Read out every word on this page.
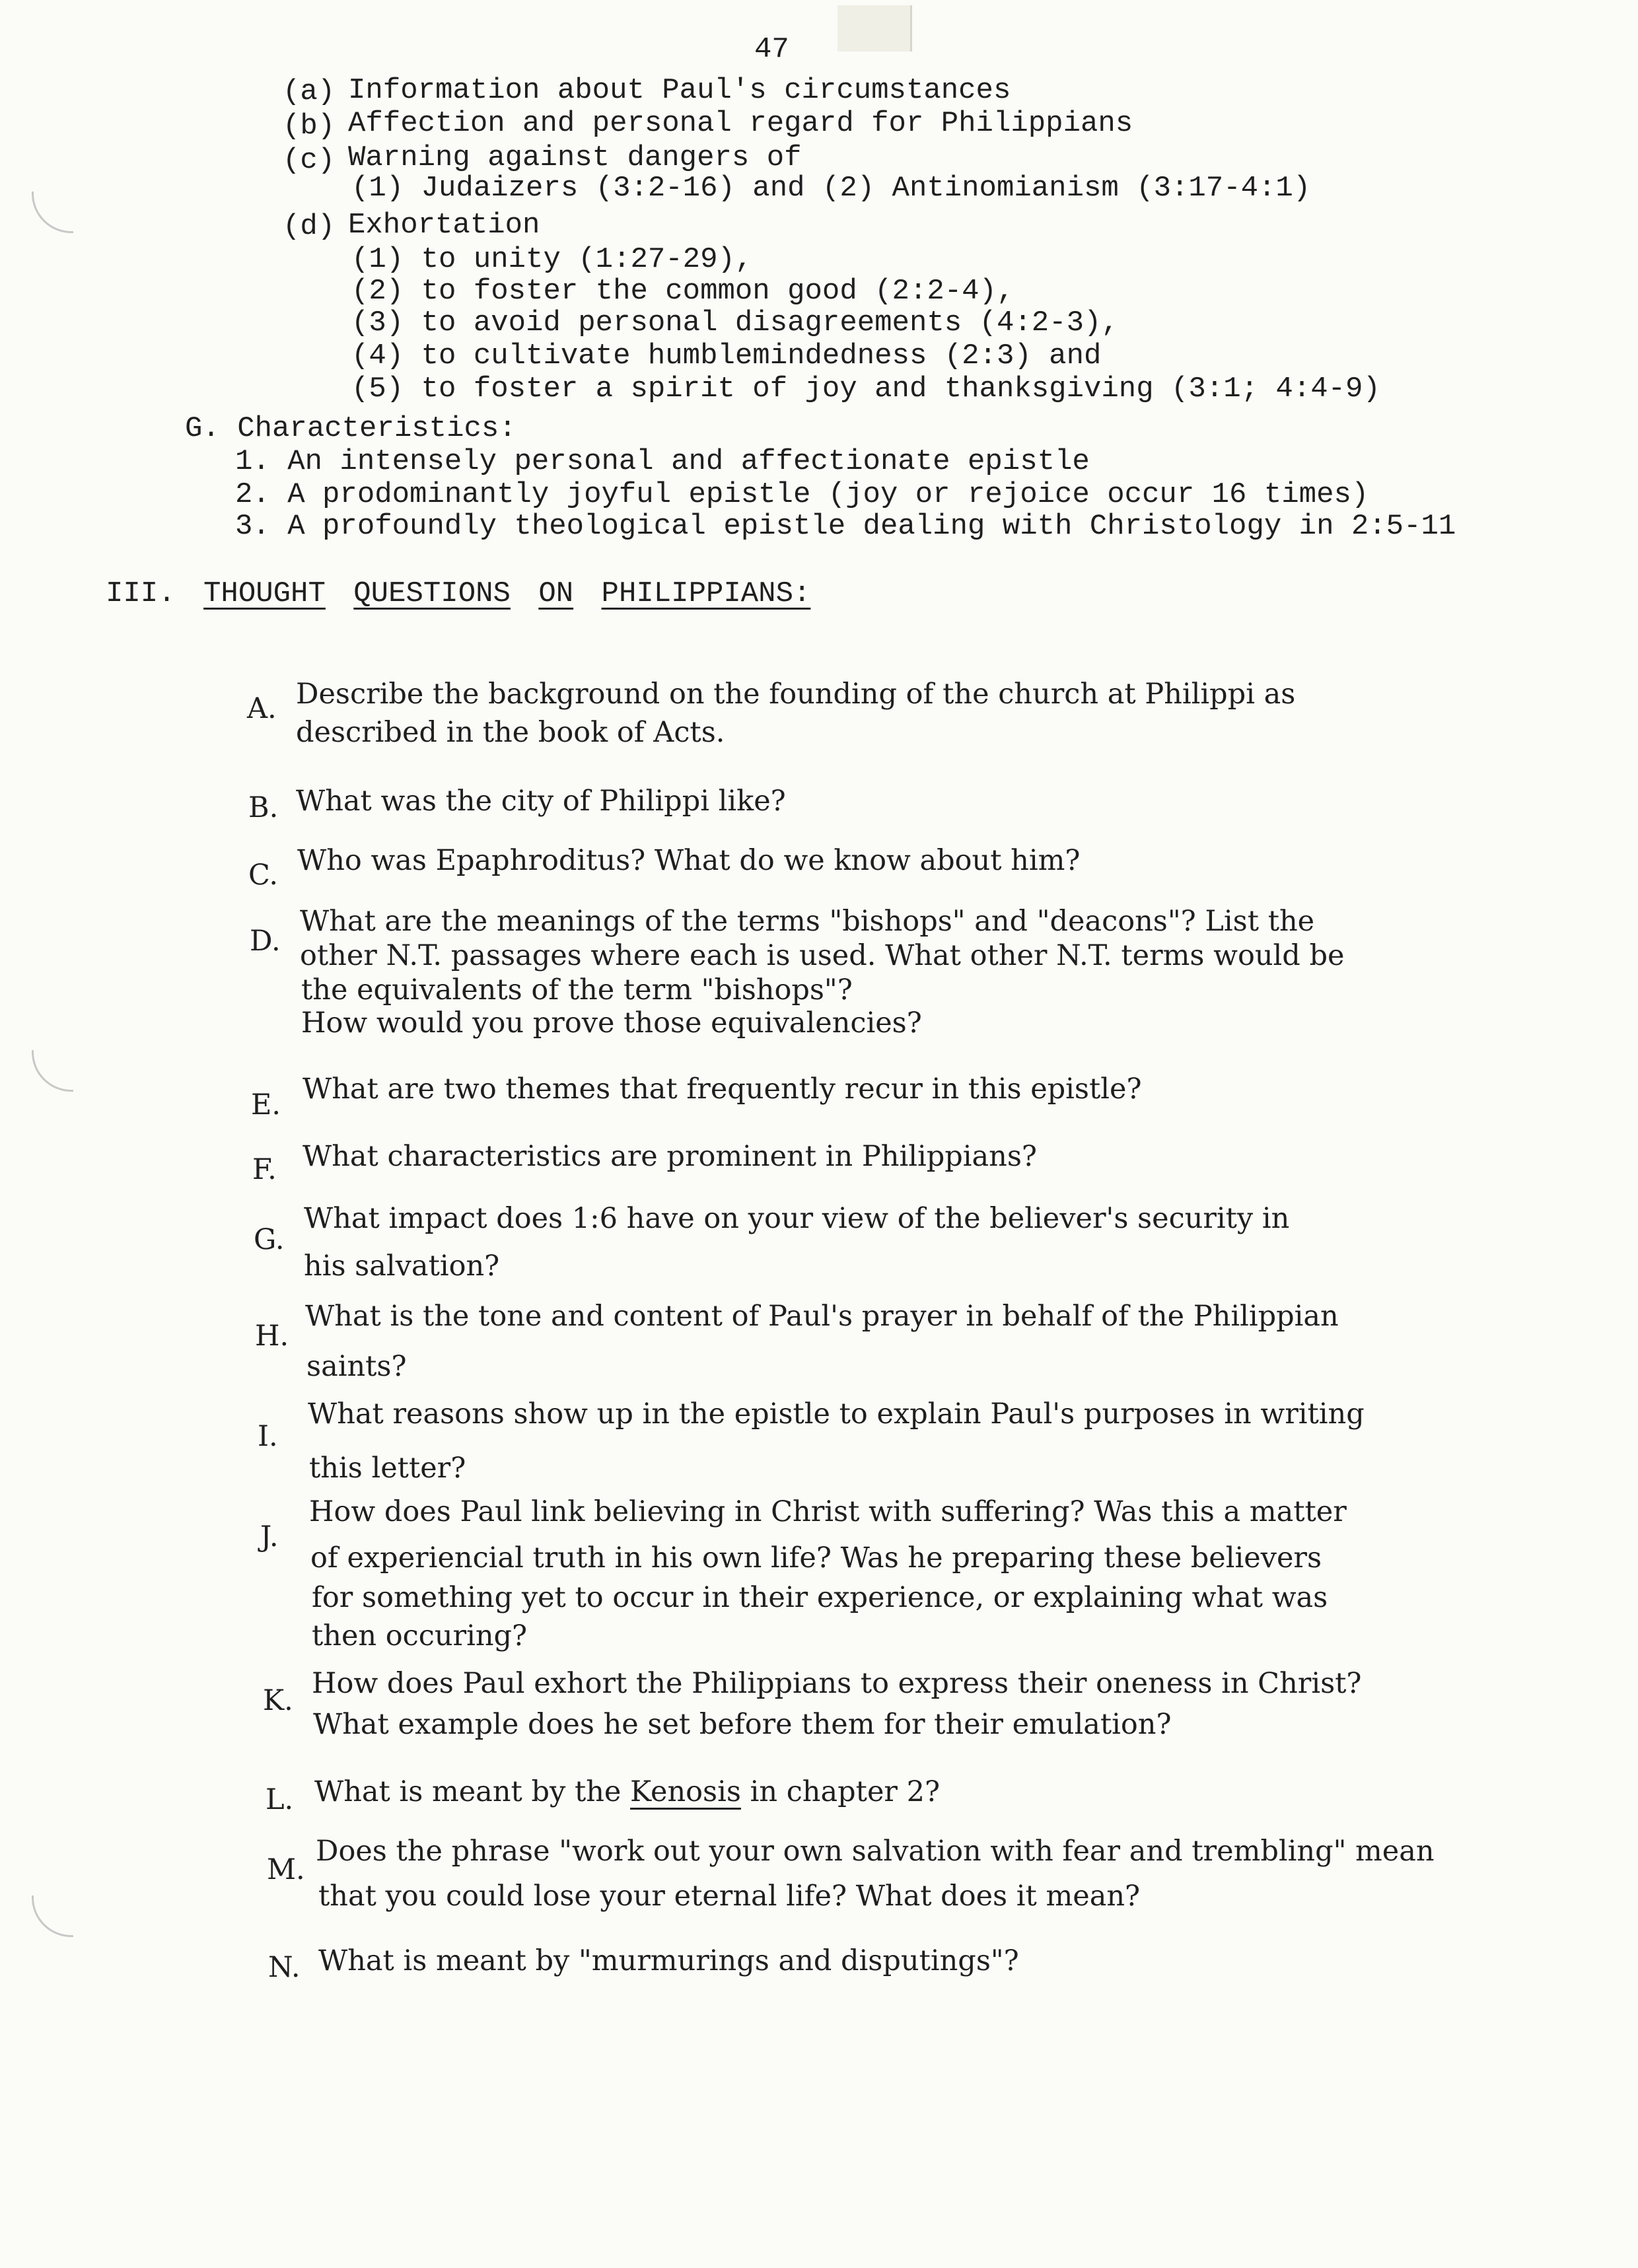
47
(a) Information about Paul's circumstances
(b) Affection and personal regard for Philippians
(c) Warning against dangers of
(1) Judaizers (3:2-16) and (2) Antinomianism (3:17-4:1)
(d) Exhortation
(1) to unity (1:27-29),
(2) to foster the common good (2:2-4),
(3) to avoid personal disagreements (4:2-3),
(4) to cultivate humblemindedness (2:3) and
(5) to foster a spirit of joy and thanksgiving (3:1; 4:4-9)
G. Characteristics:
1. An intensely personal and affectionate epistle
2. A prodominantly joyful epistle (joy or rejoice occur 16 times)
3. A profoundly theological epistle dealing with Christology in 2:5-11
III. THOUGHT QUESTIONS ON PHILIPPIANS:
A. Describe the background on the founding of the church at Philippi as
described in the book of Acts.
B. What was the city of Philippi like?
C. Who was Epaphroditus? What do we know about him?
D.
What are the meanings of the terms "bishops" and "deacons"? List the
other N.T. passages where each is used. What other N.T. terms would be
the equivalents of the term "bishops"?
How would you prove those equivalencies?
E. What are two themes that frequently recur in this epistle?
F. What characteristics are prominent in Philippians?
G.
What impact does 1:6 have on your view of the believer's security in
his salvation?
H.
What is the tone and content of Paul's prayer in behalf of the Philippian
saints?
I.
What reasons show up in the epistle to explain Paul's purposes in writing
this letter?
J.
How does Paul link believing in Christ with suffering? Was this a matter
of experiencial truth in his own life? Was he preparing these believers
for something yet to occur in their experience, or explaining what was
then occuring?
K.
How does Paul exhort the Philippians to express their oneness in Christ?
What example does he set before them for their emulation?
L. What is meant by the Kenosis in chapter 2?
M.
Does the phrase "work out your own salvation with fear and trembling" mean
that you could lose your eternal life? What does it mean?
N. What is meant by "murmurings and disputings"?
